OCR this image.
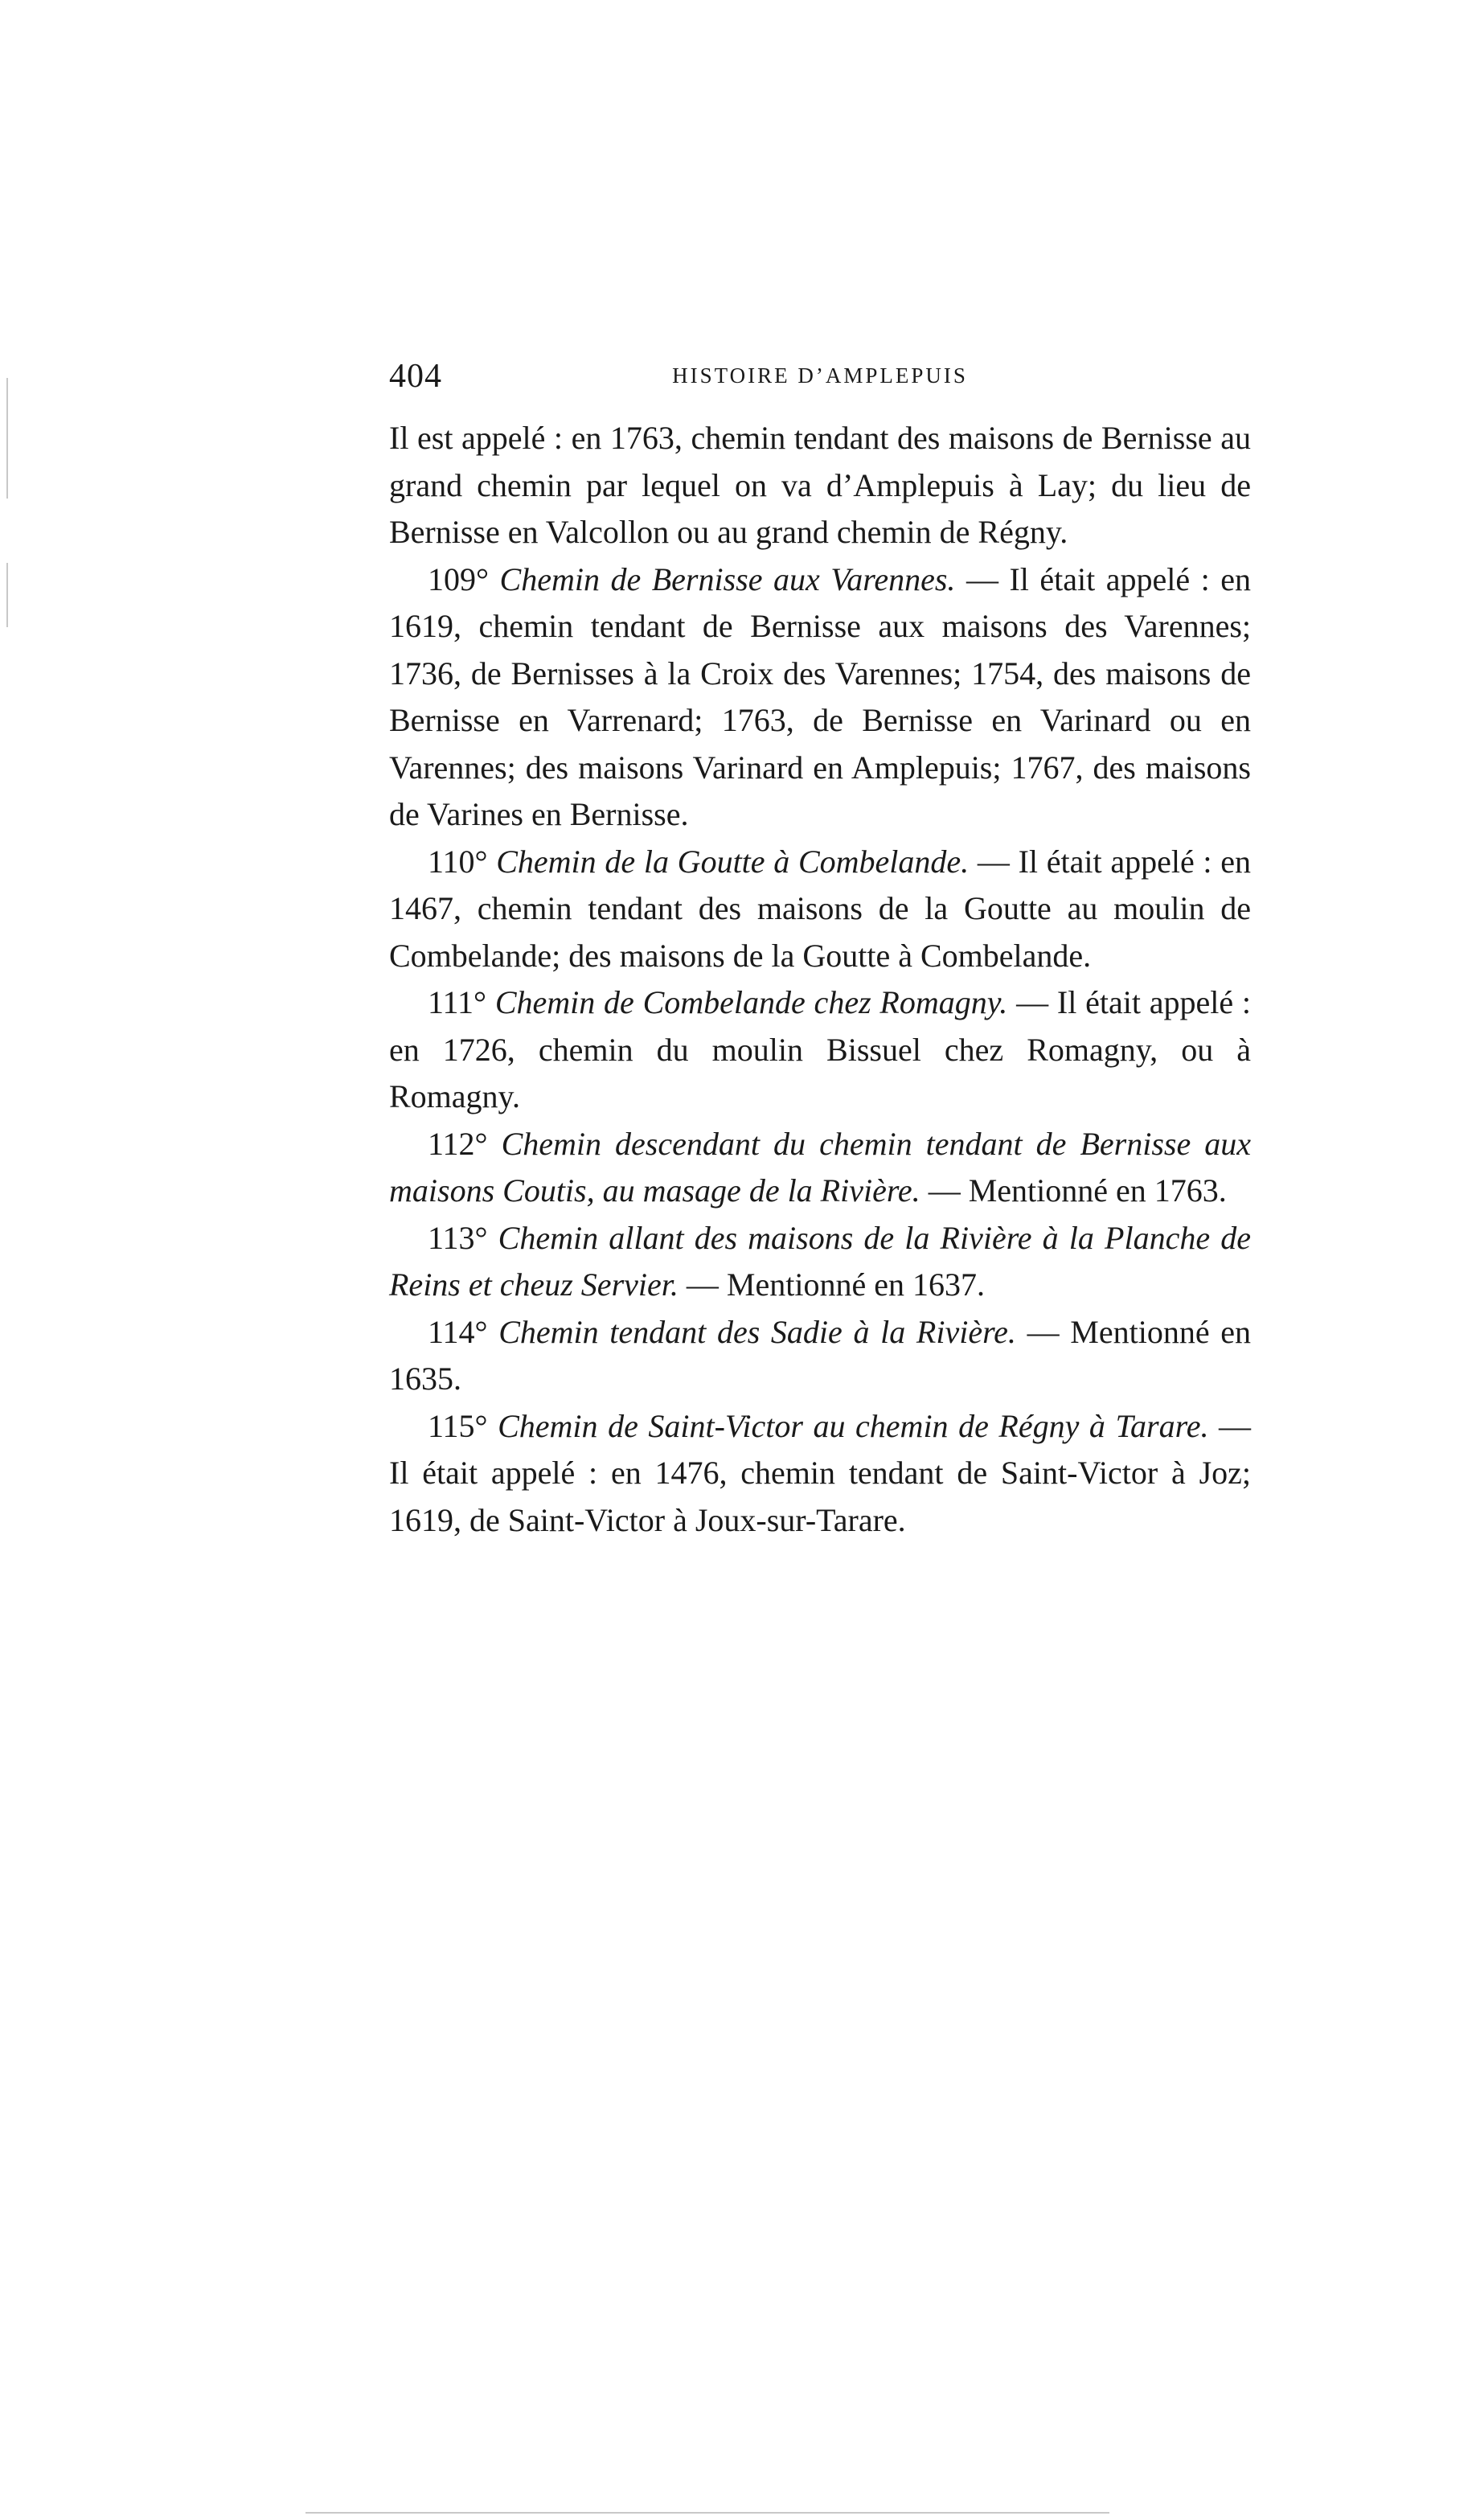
404	HISTOIRE D’AMPLEPUIS

Il est appelé : en 1763, chemin tendant des maisons de Bernisse au grand chemin par lequel on va d’Amplepuis à Lay; du lieu de Bernisse en Valcollon ou au grand chemin de Régny.

109° Chemin de Bernisse aux Varennes. — Il était appelé : en 1619, chemin tendant de Bernisse aux maisons des Varennes; 1736, de Bernisses à la Croix des Varennes; 1754, des maisons de Bernisse en Varrenard; 1763, de Bernisse en Varinard ou en Varennes; des maisons Varinard en Amplepuis; 1767, des maisons de Varines en Bernisse.

110° Chemin de la Goutte à Combelande. — Il était appelé : en 1467, chemin tendant des maisons de la Goutte au moulin de Combelande; des maisons de la Goutte à Combelande.

111° Chemin de Combelande chez Romagny. — Il était appelé : en 1726, chemin du moulin Bissuel chez Romagny, ou à Romagny.

112° Chemin descendant du chemin tendant de Bernisse aux maisons Coutis, au masage de la Rivière. — Mentionné en 1763.

113° Chemin allant des maisons de la Rivière à la Planche de Reins et cheuz Servier. — Mentionné en 1637.

114° Chemin tendant des Sadie à la Rivière. — Mentionné en 1635.

115° Chemin de Saint-Victor au chemin de Régny à Tarare. — Il était appelé : en 1476, chemin tendant de Saint-Victor à Joz; 1619, de Saint-Victor à Joux-sur-Tarare.
